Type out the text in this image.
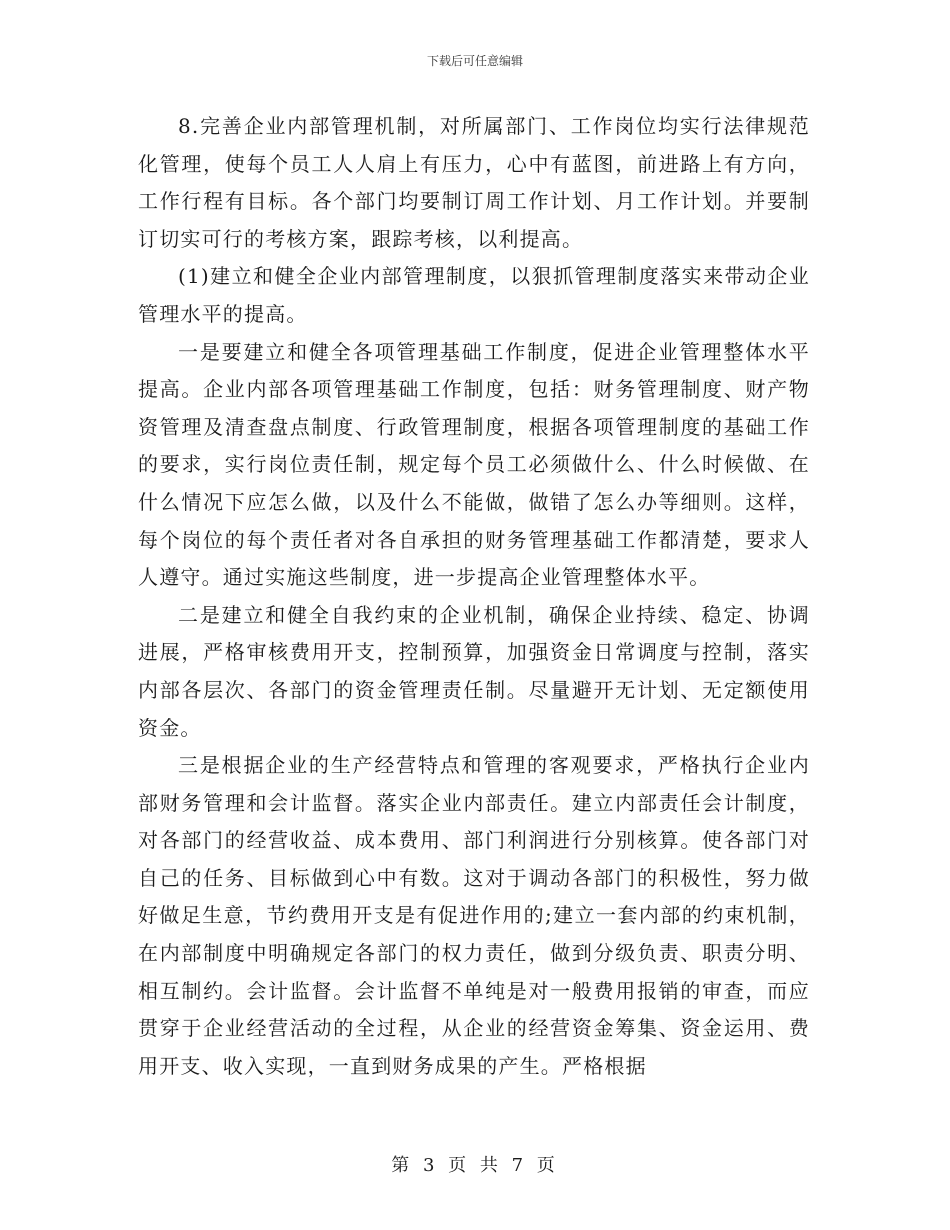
下载后可任意编辑

8.完善企业内部管理机制，对所属部门、工作岗位均实行法律规范化管理，使每个员工人人肩上有压力，心中有蓝图，前进路上有方向，工作行程有目标。各个部门均要制订周工作计划、月工作计划。并要制订切实可行的考核方案，跟踪考核，以利提高。

(1)建立和健全企业内部管理制度，以狠抓管理制度落实来带动企业管理水平的提高。

一是要建立和健全各项管理基础工作制度，促进企业管理整体水平提高。企业内部各项管理基础工作制度，包括：财务管理制度、财产物资管理及清查盘点制度、行政管理制度，根据各项管理制度的基础工作的要求，实行岗位责任制，规定每个员工必须做什么、什么时候做、在什么情况下应怎么做，以及什么不能做，做错了怎么办等细则。这样，每个岗位的每个责任者对各自承担的财务管理基础工作都清楚，要求人人遵守。通过实施这些制度，进一步提高企业管理整体水平。

二是建立和健全自我约束的企业机制，确保企业持续、稳定、协调进展，严格审核费用开支，控制预算，加强资金日常调度与控制，落实内部各层次、各部门的资金管理责任制。尽量避开无计划、无定额使用资金。

三是根据企业的生产经营特点和管理的客观要求，严格执行企业内部财务管理和会计监督。落实企业内部责任。建立内部责任会计制度，对各部门的经营收益、成本费用、部门利润进行分别核算。使各部门对自己的任务、目标做到心中有数。这对于调动各部门的积极性，努力做好做足生意，节约费用开支是有促进作用的;建立一套内部的约束机制，在内部制度中明确规定各部门的权力责任，做到分级负责、职责分明、相互制约。会计监督。会计监督不单纯是对一般费用报销的审查，而应贯穿于企业经营活动的全过程，从企业的经营资金筹集、资金运用、费用开支、收入实现，一直到财务成果的产生。严格根据

第 3 页 共 7 页
